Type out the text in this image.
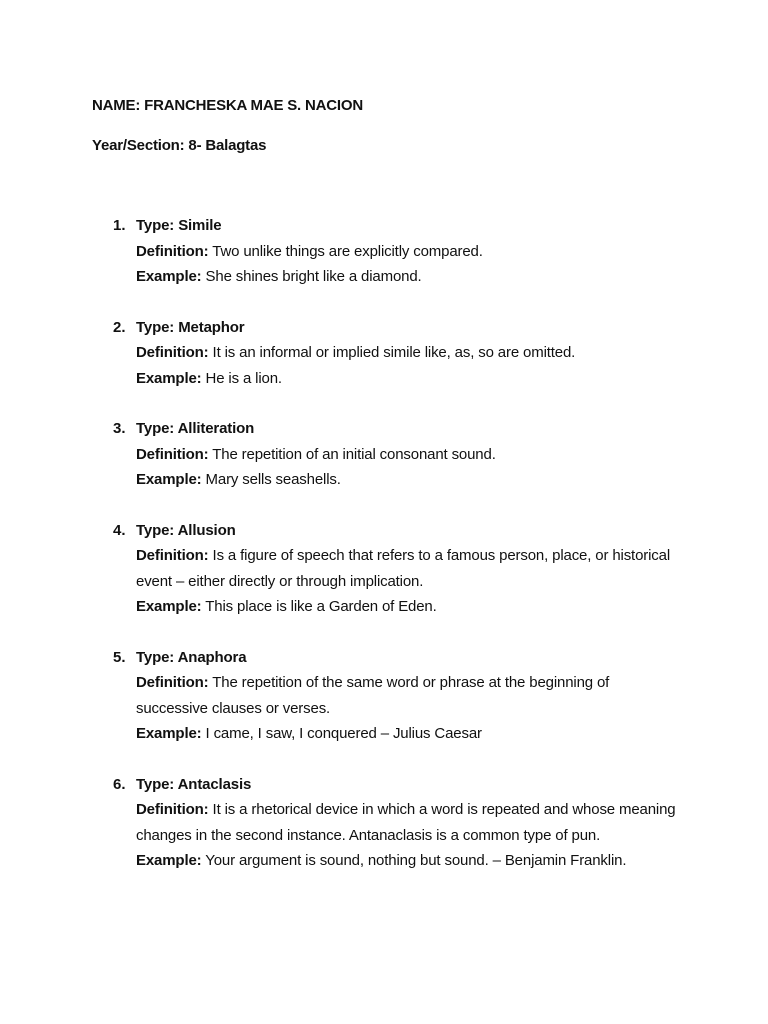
NAME: FRANCHESKA MAE S. NACION
Year/Section: 8- Balagtas
1. Type: Simile
Definition: Two unlike things are explicitly compared.
Example: She shines bright like a diamond.
2. Type: Metaphor
Definition: It is an informal or implied simile like, as, so are omitted.
Example: He is a lion.
3. Type: Alliteration
Definition: The repetition of an initial consonant sound.
Example: Mary sells seashells.
4. Type: Allusion
Definition: Is a figure of speech that refers to a famous person, place, or historical event – either directly or through implication.
Example: This place is like a Garden of Eden.
5. Type: Anaphora
Definition: The repetition of the same word or phrase at the beginning of successive clauses or verses.
Example: I came, I saw, I conquered – Julius Caesar
6. Type: Antaclasis
Definition: It is a rhetorical device in which a word is repeated and whose meaning changes in the second instance. Antanaclasis is a common type of pun.
Example: Your argument is sound, nothing but sound. – Benjamin Franklin.
